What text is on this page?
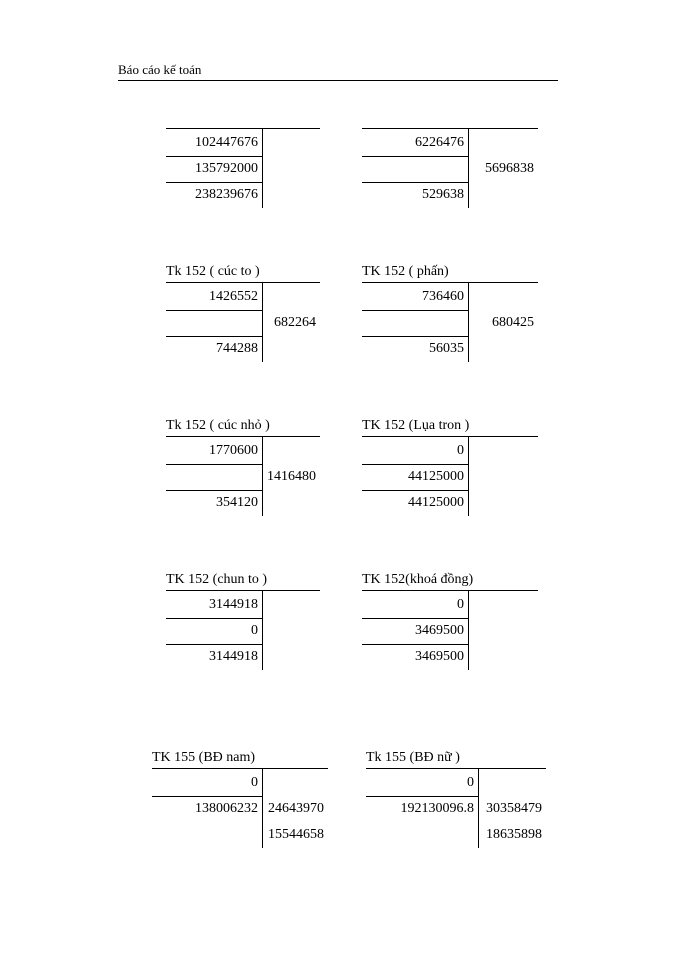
Báo cáo kế toán
102447676
135792000
238239676
6226476
529638
5696838
Tk 152 ( cúc to )
1426552
744288
682264
TK 152 ( phấn)
736460
56035
680425
Tk 152 ( cúc nhỏ )
1770600
354120
1416480
TK 152 (Lụa tron )
0
44125000
44125000
TK 152 (chun to )
3144918
0
3144918
TK 152(khoá đồng)
0
3469500
3469500
TK 155 (BĐ nam)
0
138006232 24643970
15544658
Tk 155 (BĐ nữ )
0
192130096.8 30358479
18635898
